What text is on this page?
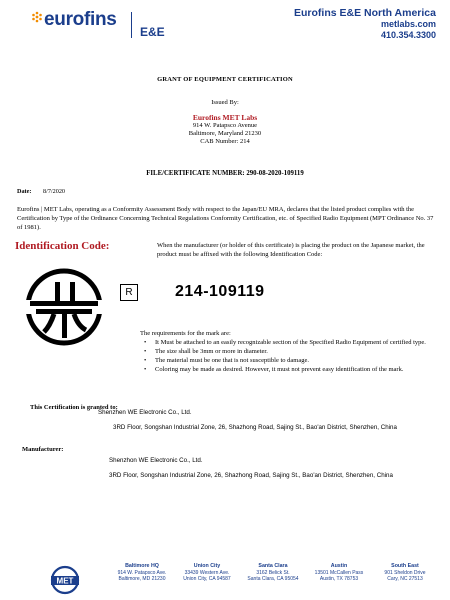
eurofins
E&E
Eurofins E&E North America
metlabs.com
410.354.3300
GRANT OF EQUIPMENT CERTIFICATION
Issued By:
Eurofins MET Labs
914 W. Patapsco Avenue
Baltimore, Maryland 21230
CAB Number: 214
FILE/CERTIFICATE NUMBER: 290-08-2020-109119
Date: 8/7/2020
Eurofins | MET Labs, operating as a Conformity Assessment Body with respect to the Japan/EU MRA, declares that the listed product complies with the Certification by Type of the Ordinance Concerning Technical Regulations Conformity Certification, etc. of Specified Radio Equipment (MPT Ordinance No. 37 of 1981).
Identification Code:	When the manufacturer (or holder of this certificate) is placing the product on the Japanese market, the product must be affixed with the following Identification Code:
R	214-109119
The requirements for the mark are:
• It Must be attached to an easily recognizable section of the Specified Radio Equipment of certified type.
• The size shall be 3mm or more in diameter.
• The material must be one that is not susceptible to damage.
• Coloring may be made as desired. However, it must not prevent easy identification of the mark.
This Certification is granted to:
Shenzhen WE Electronic Co., Ltd.
3RD Floor, Songshan Industrial Zone, 26, Shazhong Road, Sajing St., Bao'an District, Shenzhen, China
Manufacturer:
Shenzhon WE Electronic Co., Ltd.
3RD Floor, Songshan Industrial Zone, 26, Shazhong Road, Sajing St., Bao'an District, Shenzhen, China
MET
Baltimore HQ
914 W. Patapsco Ave.
Baltimore, MD 21230
Union City
33439 Western Ave.
Union City, CA 94587
Santa Clara
3162 Belick St.
Santa Clara, CA 95054
Austin
13501 McCallen Pass
Austin, TX 78753
South East
901 Sheldon Drive
Cary, NC 27513
